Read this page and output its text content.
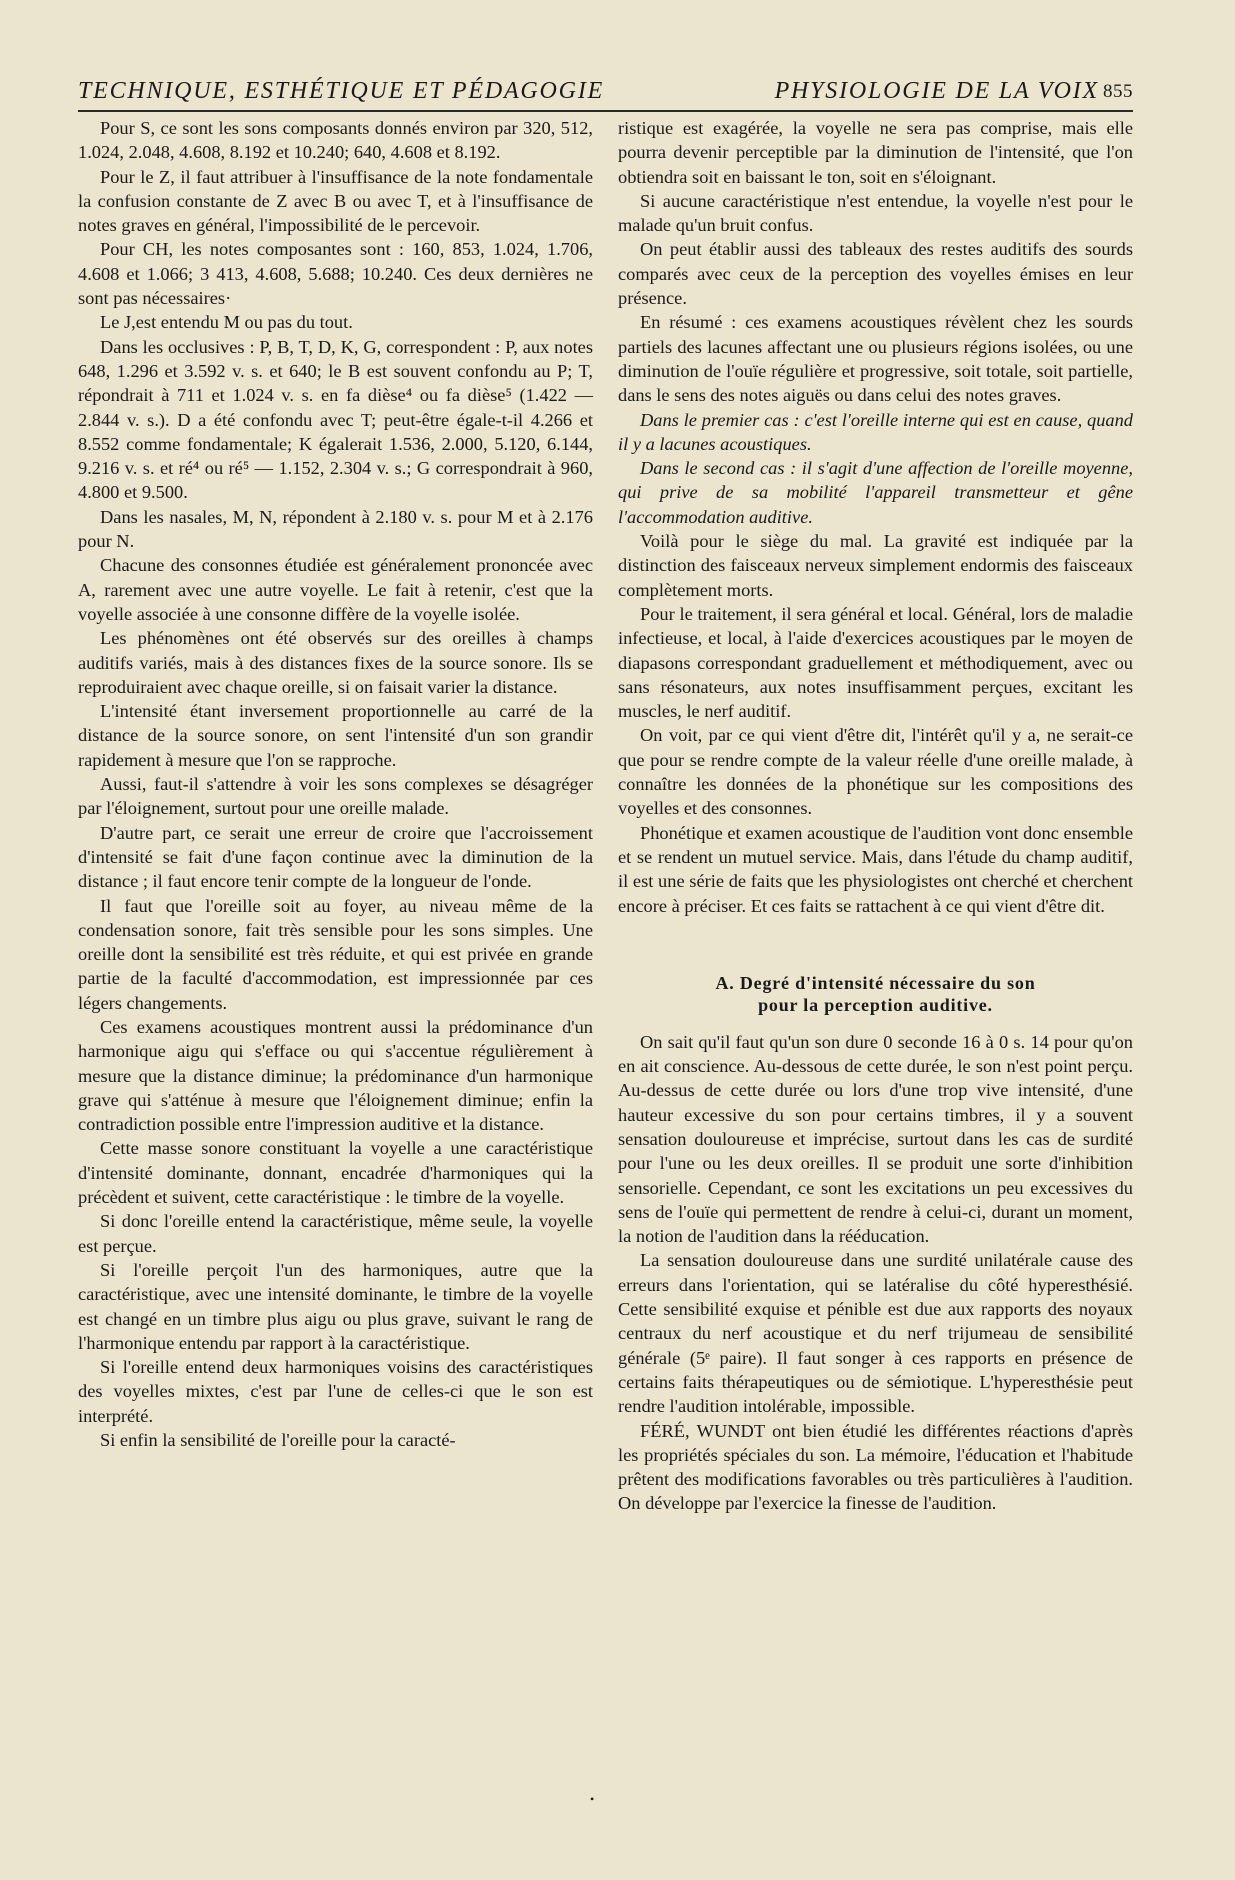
TECHNIQUE, ESTHÉTIQUE ET PÉDAGOGIE	PHYSIOLOGIE DE LA VOIX 855

Pour S, ce sont les sons composants donnés environ par 320, 512, 1.024, 2.048, 4.608, 8.192 et 10.240; 640, 4.608 et 8.192.

Pour le Z, il faut attribuer à l'insuffisance de la note fondamentale la confusion constante de Z avec B ou avec T, et à l'insuffisance de notes graves en général, l'impossibilité de le percevoir.

Pour CH, les notes composantes sont : 160, 853, 1.024, 1.706, 4.608 et 1.066; 3 413, 4.608, 5.688; 10.240. Ces deux dernières ne sont pas nécessaires·

Le J,est entendu M ou pas du tout.

Dans les occlusives : P, B, T, D, K, G, correspondent : P, aux notes 648, 1.296 et 3.592 v. s. et 640; le B est souvent confondu au P; T, répondrait à 711 et 1.024 v. s. en fa dièse⁴ ou fa dièse⁵ (1.422 — 2.844 v. s.). D a été confondu avec T; peut-être égale-t-il 4.266 et 8.552 comme fondamentale; K égalerait 1.536, 2.000, 5.120, 6.144, 9.216 v. s. et ré⁴ ou ré⁵ — 1.152, 2.304 v. s.; G correspondrait à 960, 4.800 et 9.500.

Dans les nasales, M, N, répondent à 2.180 v. s. pour M et à 2.176 pour N.

Chacune des consonnes étudiée est généralement prononcée avec A, rarement avec une autre voyelle. Le fait à retenir, c'est que la voyelle associée à une consonne diffère de la voyelle isolée.

Les phénomènes ont été observés sur des oreilles à champs auditifs variés, mais à des distances fixes de la source sonore. Ils se reproduiraient avec chaque oreille, si on faisait varier la distance.

L'intensité étant inversement proportionnelle au carré de la distance de la source sonore, on sent l'intensité d'un son grandir rapidement à mesure que l'on se rapproche.

Aussi, faut-il s'attendre à voir les sons complexes se désagréger par l'éloignement, surtout pour une oreille malade.

D'autre part, ce serait une erreur de croire que l'accroissement d'intensité se fait d'une façon continue avec la diminution de la distance ; il faut encore tenir compte de la longueur de l'onde.

Il faut que l'oreille soit au foyer, au niveau même de la condensation sonore, fait très sensible pour les sons simples. Une oreille dont la sensibilité est très réduite, et qui est privée en grande partie de la faculté d'accommodation, est impressionnée par ces légers changements.

Ces examens acoustiques montrent aussi la prédominance d'un harmonique aigu qui s'efface ou qui s'accentue régulièrement à mesure que la distance diminue; la prédominance d'un harmonique grave qui s'atténue à mesure que l'éloignement diminue; enfin la contradiction possible entre l'impression auditive et la distance.

Cette masse sonore constituant la voyelle a une caractéristique d'intensité dominante, donnant, encadrée d'harmoniques qui la précèdent et suivent, cette caractéristique : le timbre de la voyelle.

Si donc l'oreille entend la caractéristique, même seule, la voyelle est perçue.

Si l'oreille perçoit l'un des harmoniques, autre que la caractéristique, avec une intensité dominante, le timbre de la voyelle est changé en un timbre plus aigu ou plus grave, suivant le rang de l'harmonique entendu par rapport à la caractéristique.

Si l'oreille entend deux harmoniques voisins des caractéristiques des voyelles mixtes, c'est par l'une de celles-ci que le son est interprété.

Si enfin la sensibilité de l'oreille pour la caracté-

ristique est exagérée, la voyelle ne sera pas comprise, mais elle pourra devenir perceptible par la diminution de l'intensité, que l'on obtiendra soit en baissant le ton, soit en s'éloignant.

Si aucune caractéristique n'est entendue, la voyelle n'est pour le malade qu'un bruit confus.

On peut établir aussi des tableaux des restes auditifs des sourds comparés avec ceux de la perception des voyelles émises en leur présence.

En résumé : ces examens acoustiques révèlent chez les sourds partiels des lacunes affectant une ou plusieurs régions isolées, ou une diminution de l'ouïe régulière et progressive, soit totale, soit partielle, dans le sens des notes aiguës ou dans celui des notes graves.

Dans le premier cas : c'est l'oreille interne qui est en cause, quand il y a lacunes acoustiques.

Dans le second cas : il s'agit d'une affection de l'oreille moyenne, qui prive de sa mobilité l'appareil transmetteur et gêne l'accommodation auditive.

Voilà pour le siège du mal. La gravité est indiquée par la distinction des faisceaux nerveux simplement endormis des faisceaux complètement morts.

Pour le traitement, il sera général et local. Général, lors de maladie infectieuse, et local, à l'aide d'exercices acoustiques par le moyen de diapasons correspondant graduellement et méthodiquement, avec ou sans résonateurs, aux notes insuffisamment perçues, excitant les muscles, le nerf auditif.

On voit, par ce qui vient d'être dit, l'intérêt qu'il y a, ne serait-ce que pour se rendre compte de la valeur réelle d'une oreille malade, à connaître les données de la phonétique sur les compositions des voyelles et des consonnes.

Phonétique et examen acoustique de l'audition vont donc ensemble et se rendent un mutuel service. Mais, dans l'étude du champ auditif, il est une série de faits que les physiologistes ont cherché et cherchent encore à préciser. Et ces faits se rattachent à ce qui vient d'être dit.

A. Degré d'intensité nécessaire du son
pour la perception auditive.

On sait qu'il faut qu'un son dure 0 seconde 16 à 0 s. 14 pour qu'on en ait conscience. Au-dessous de cette durée, le son n'est point perçu. Au-dessus de cette durée ou lors d'une trop vive intensité, d'une hauteur excessive du son pour certains timbres, il y a souvent sensation douloureuse et imprécise, surtout dans les cas de surdité pour l'une ou les deux oreilles. Il se produit une sorte d'inhibition sensorielle. Cependant, ce sont les excitations un peu excessives du sens de l'ouïe qui permettent de rendre à celui-ci, durant un moment, la notion de l'audition dans la rééducation.

La sensation douloureuse dans une surdité unilatérale cause des erreurs dans l'orientation, qui se latéralise du côté hyperesthésié. Cette sensibilité exquise et pénible est due aux rapports des noyaux centraux du nerf acoustique et du nerf trijumeau de sensibilité générale (5ᵉ paire). Il faut songer à ces rapports en présence de certains faits thérapeutiques ou de sémiotique. L'hyperesthésie peut rendre l'audition intolérable, impossible.

FÉRÉ, WUNDT ont bien étudié les différentes réactions d'après les propriétés spéciales du son. La mémoire, l'éducation et l'habitude prêtent des modifications favorables ou très particulières à l'audition. On développe par l'exercice la finesse de l'audition.

•
